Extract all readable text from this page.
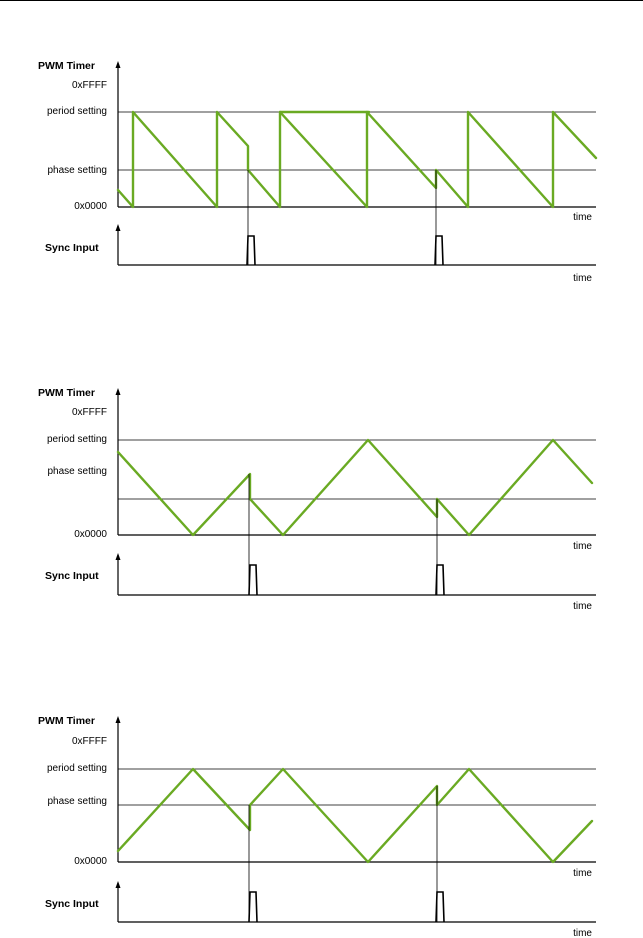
PWM Timer
0xFFFF
period setting
phase setting
0x0000
time
Sync Input
time
PWM Timer
0xFFFF
period setting
phase setting
0x0000
time
Sync Input
time
PWM Timer
0xFFFF
period setting
phase setting
0x0000
time
Sync Input
time
